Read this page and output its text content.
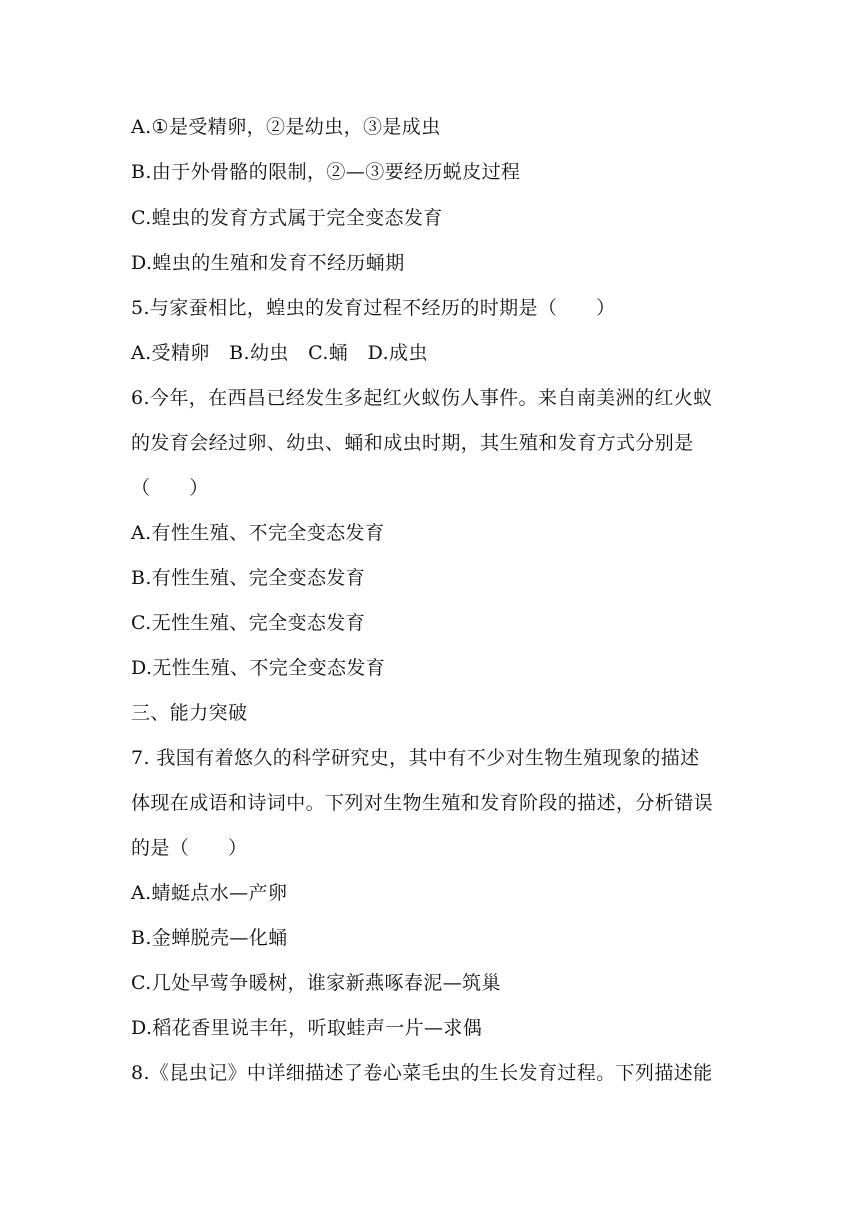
A.①是受精卵，②是幼虫，③是成虫
B.由于外骨骼的限制，②—③要经历蜕皮过程
C.蝗虫的发育方式属于完全变态发育
D.蝗虫的生殖和发育不经历蛹期
5.与家蚕相比，蝗虫的发育过程不经历的时期是（　　）
A.受精卵　B.幼虫　C.蛹　D.成虫
6.今年，在西昌已经发生多起红火蚁伤人事件。来自南美洲的红火蚁
的发育会经过卵、幼虫、蛹和成虫时期，其生殖和发育方式分别是
（　　）
A.有性生殖、不完全变态发育
B.有性生殖、完全变态发育
C.无性生殖、完全变态发育
D.无性生殖、不完全变态发育
三、能力突破
7. 我国有着悠久的科学研究史，其中有不少对生物生殖现象的描述
体现在成语和诗词中。下列对生物生殖和发育阶段的描述，分析错误
的是（　　）
A.蜻蜓点水—产卵
B.金蝉脱壳—化蛹
C.几处早莺争暖树，谁家新燕啄春泥—筑巢
D.稻花香里说丰年，听取蛙声一片—求偶
8.《昆虫记》中详细描述了卷心菜毛虫的生长发育过程。下列描述能
